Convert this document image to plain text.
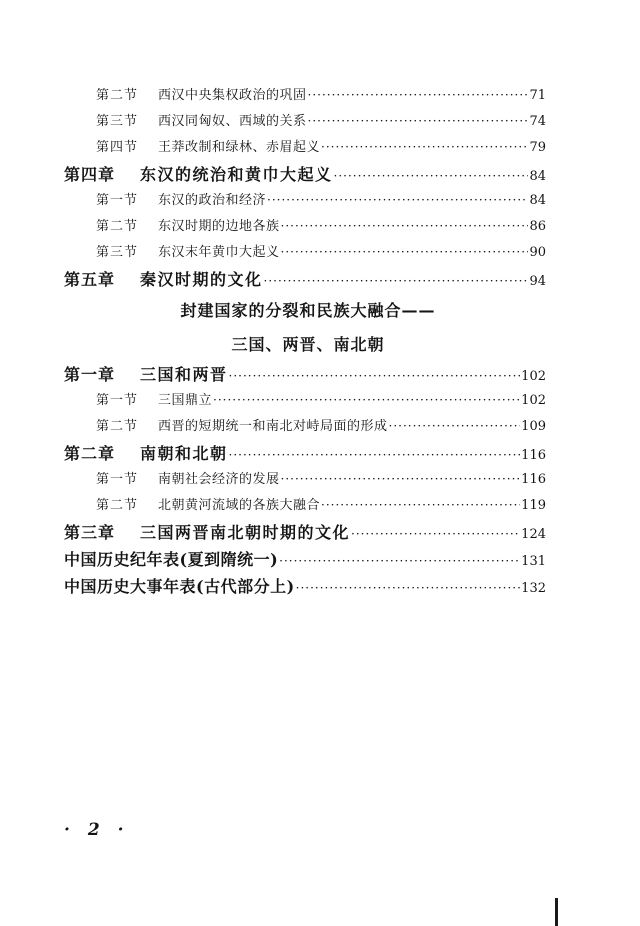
第二节	西汉中央集权政治的巩固 ·····	71
第三节	西汉同匈奴、西域的关系 ·····	74
第四节	王莽改制和绿林、赤眉起义 ·····	79
第四章	东汉的统治和黄巾大起义 ·····	84
第一节	东汉的政治和经济 ·····	84
第二节	东汉时期的边地各族 ·····	86
第三节	东汉末年黄巾大起义 ·····	90
第五章	秦汉时期的文化 ·····	94
封建国家的分裂和民族大融合——
三国、两晋、南北朝
第一章	三国和两晋 ·····	102
第一节	三国鼎立 ·····	102
第二节	西晋的短期统一和南北对峙局面的形成 ·····	109
第二章	南朝和北朝 ·····	116
第一节	南朝社会经济的发展 ·····	116
第二节	北朝黄河流域的各族大融合 ·····	119
第三章	三国两晋南北朝时期的文化 ·····	124
中国历史纪年表(夏到隋统一) ·····	131
中国历史大事年表(古代部分上) ·····	132
· 2 ·
